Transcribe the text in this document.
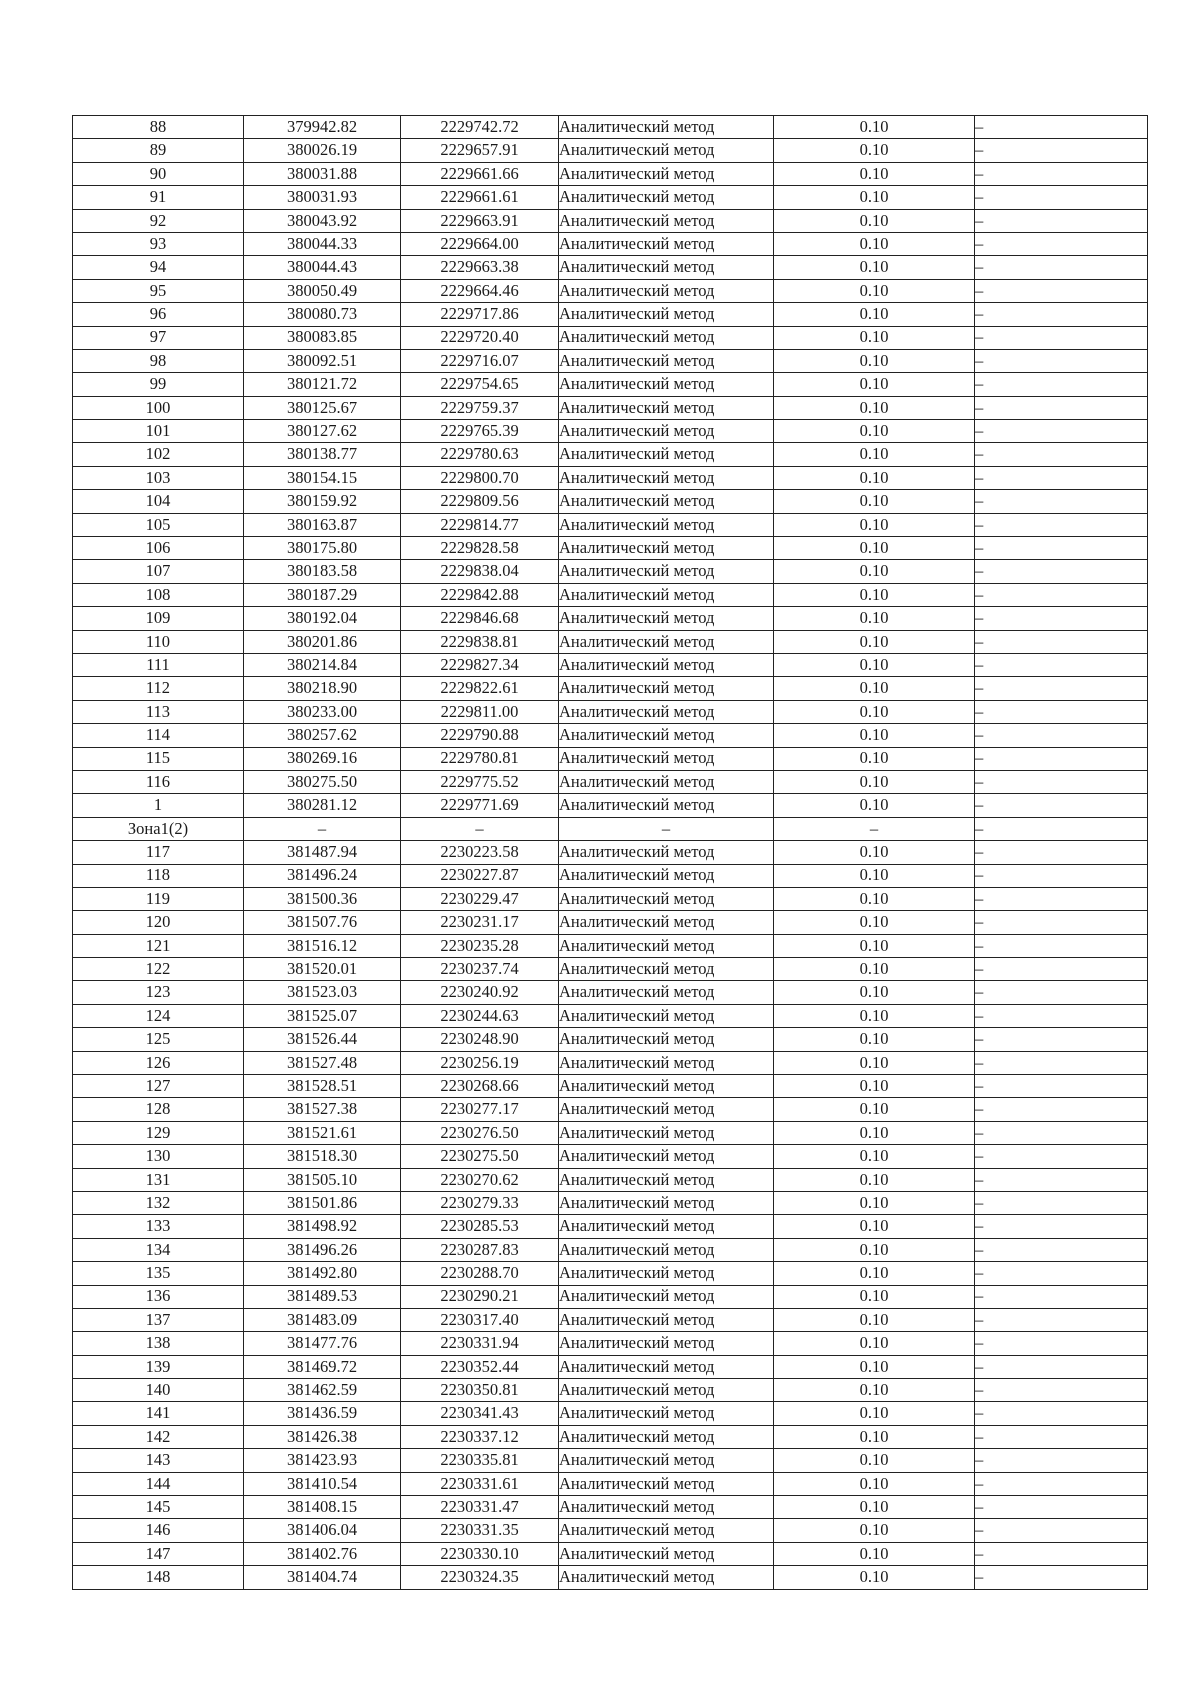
88	379942.82	2229742.72	Аналитический метод	0.10	–
89	380026.19	2229657.91	Аналитический метод	0.10	–
90	380031.88	2229661.66	Аналитический метод	0.10	–
91	380031.93	2229661.61	Аналитический метод	0.10	–
92	380043.92	2229663.91	Аналитический метод	0.10	–
93	380044.33	2229664.00	Аналитический метод	0.10	–
94	380044.43	2229663.38	Аналитический метод	0.10	–
95	380050.49	2229664.46	Аналитический метод	0.10	–
96	380080.73	2229717.86	Аналитический метод	0.10	–
97	380083.85	2229720.40	Аналитический метод	0.10	–
98	380092.51	2229716.07	Аналитический метод	0.10	–
99	380121.72	2229754.65	Аналитический метод	0.10	–
100	380125.67	2229759.37	Аналитический метод	0.10	–
101	380127.62	2229765.39	Аналитический метод	0.10	–
102	380138.77	2229780.63	Аналитический метод	0.10	–
103	380154.15	2229800.70	Аналитический метод	0.10	–
104	380159.92	2229809.56	Аналитический метод	0.10	–
105	380163.87	2229814.77	Аналитический метод	0.10	–
106	380175.80	2229828.58	Аналитический метод	0.10	–
107	380183.58	2229838.04	Аналитический метод	0.10	–
108	380187.29	2229842.88	Аналитический метод	0.10	–
109	380192.04	2229846.68	Аналитический метод	0.10	–
110	380201.86	2229838.81	Аналитический метод	0.10	–
111	380214.84	2229827.34	Аналитический метод	0.10	–
112	380218.90	2229822.61	Аналитический метод	0.10	–
113	380233.00	2229811.00	Аналитический метод	0.10	–
114	380257.62	2229790.88	Аналитический метод	0.10	–
115	380269.16	2229780.81	Аналитический метод	0.10	–
116	380275.50	2229775.52	Аналитический метод	0.10	–
1	380281.12	2229771.69	Аналитический метод	0.10	–
Зона1(2)	–	–	–	–	–
117	381487.94	2230223.58	Аналитический метод	0.10	–
118	381496.24	2230227.87	Аналитический метод	0.10	–
119	381500.36	2230229.47	Аналитический метод	0.10	–
120	381507.76	2230231.17	Аналитический метод	0.10	–
121	381516.12	2230235.28	Аналитический метод	0.10	–
122	381520.01	2230237.74	Аналитический метод	0.10	–
123	381523.03	2230240.92	Аналитический метод	0.10	–
124	381525.07	2230244.63	Аналитический метод	0.10	–
125	381526.44	2230248.90	Аналитический метод	0.10	–
126	381527.48	2230256.19	Аналитический метод	0.10	–
127	381528.51	2230268.66	Аналитический метод	0.10	–
128	381527.38	2230277.17	Аналитический метод	0.10	–
129	381521.61	2230276.50	Аналитический метод	0.10	–
130	381518.30	2230275.50	Аналитический метод	0.10	–
131	381505.10	2230270.62	Аналитический метод	0.10	–
132	381501.86	2230279.33	Аналитический метод	0.10	–
133	381498.92	2230285.53	Аналитический метод	0.10	–
134	381496.26	2230287.83	Аналитический метод	0.10	–
135	381492.80	2230288.70	Аналитический метод	0.10	–
136	381489.53	2230290.21	Аналитический метод	0.10	–
137	381483.09	2230317.40	Аналитический метод	0.10	–
138	381477.76	2230331.94	Аналитический метод	0.10	–
139	381469.72	2230352.44	Аналитический метод	0.10	–
140	381462.59	2230350.81	Аналитический метод	0.10	–
141	381436.59	2230341.43	Аналитический метод	0.10	–
142	381426.38	2230337.12	Аналитический метод	0.10	–
143	381423.93	2230335.81	Аналитический метод	0.10	–
144	381410.54	2230331.61	Аналитический метод	0.10	–
145	381408.15	2230331.47	Аналитический метод	0.10	–
146	381406.04	2230331.35	Аналитический метод	0.10	–
147	381402.76	2230330.10	Аналитический метод	0.10	–
148	381404.74	2230324.35	Аналитический метод	0.10	–
